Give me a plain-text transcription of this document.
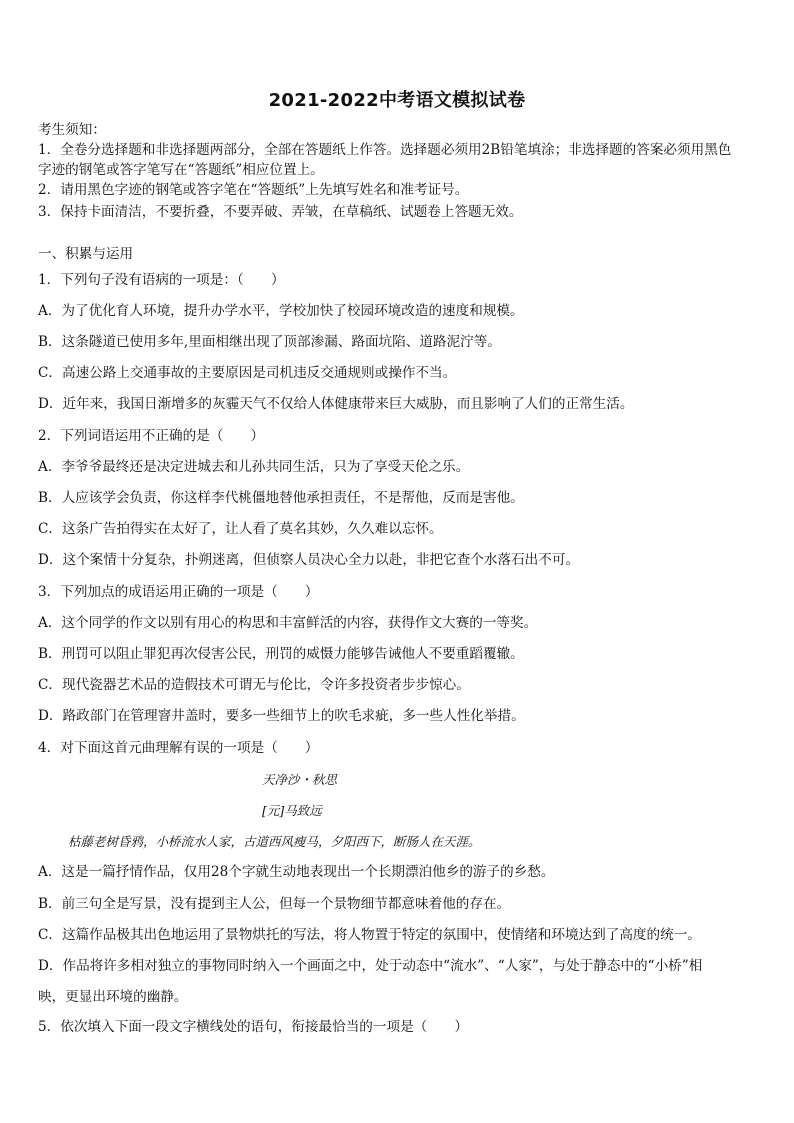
2021-2022中考语文模拟试卷
考生须知：
1．全卷分选择题和非选择题两部分，全部在答题纸上作答。选择题必须用2B铅笔填涂；非选择题的答案必须用黑色
字迹的钢笔或答字笔写在“答题纸”相应位置上。
2．请用黑色字迹的钢笔或答字笔在“答题纸”上先填写姓名和准考证号。
3．保持卡面清洁，不要折叠，不要弄破、弄皱，在草稿纸、试题卷上答题无效。
一、积累与运用
1．下列句子没有语病的一项是：（　　）
A．为了优化育人环境，提升办学水平，学校加快了校园环境改造的速度和规模。
B．这条隧道已使用多年,里面相继出现了顶部渗漏、路面坑陷、道路泥泞等。
C．高速公路上交通事故的主要原因是司机违反交通规则或操作不当。
D．近年来，我国日渐增多的灰霾天气不仅给人体健康带来巨大威胁，而且影响了人们的正常生活。
2．下列词语运用不正确的是（　　）
A．李爷爷最终还是决定进城去和儿孙共同生活，只为了享受天伦之乐。
B．人应该学会负责，你这样李代桃僵地替他承担责任，不是帮他，反而是害他。
C．这条广告拍得实在太好了，让人看了莫名其妙，久久难以忘怀。
D．这个案情十分复杂，扑朔迷离，但侦察人员决心全力以赴，非把它查个水落石出不可。
3．下列加点的成语运用正确的一项是（　　）
A．这个同学的作文以别有用心的构思和丰富鲜活的内容，获得作文大赛的一等奖。
B．刑罚可以阻止罪犯再次侵害公民，刑罚的威慑力能够告诫他人不要重蹈覆辙。
C．现代瓷器艺术品的造假技术可谓无与伦比，令许多投资者步步惊心。
D．路政部门在管理窨井盖时，要多一些细节上的吹毛求疵，多一些人性化举措。
4．对下面这首元曲理解有误的一项是（　　）
天净沙・秋思
[元]马致远
枯藤老树昏鸦，小桥流水人家，古道西风瘦马，夕阳西下，断肠人在天涯。
A．这是一篇抒情作品，仅用28个字就生动地表现出一个长期漂泊他乡的游子的乡愁。
B．前三句全是写景，没有提到主人公，但每一个景物细节都意味着他的存在。
C．这篇作品极其出色地运用了景物烘托的写法，将人物置于特定的氛围中，使情绪和环境达到了高度的统一。
D．作品将许多相对独立的事物同时纳入一个画面之中，处于动态中“流水”、“人家”，与处于静态中的“小桥”相
映，更显出环境的幽静。
5．依次填入下面一段文字横线处的语句，衔接最恰当的一项是（　　）
